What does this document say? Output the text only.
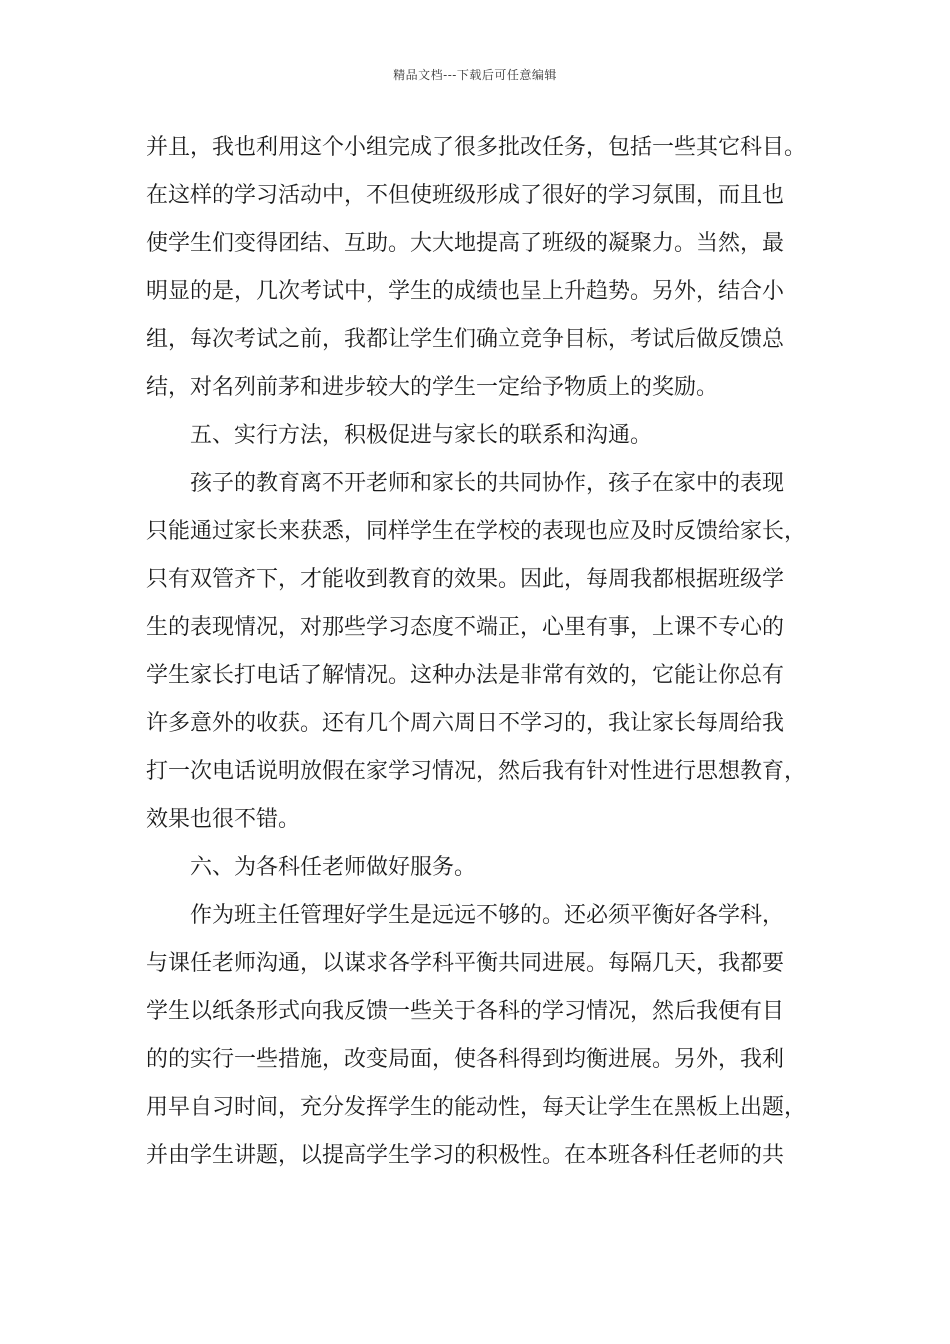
精品文档---下载后可任意编辑
并且，我也利用这个小组完成了很多批改任务，包括一些其它科目。
在这样的学习活动中，不但使班级形成了很好的学习氛围，而且也
使学生们变得团结、互助。大大地提高了班级的凝聚力。当然，最
明显的是，几次考试中，学生的成绩也呈上升趋势。另外，结合小
组，每次考试之前，我都让学生们确立竞争目标，考试后做反馈总
结，对名列前茅和进步较大的学生一定给予物质上的奖励。
五、实行方法，积极促进与家长的联系和沟通。
孩子的教育离不开老师和家长的共同协作，孩子在家中的表现
只能通过家长来获悉，同样学生在学校的表现也应及时反馈给家长，
只有双管齐下，才能收到教育的效果。因此，每周我都根据班级学
生的表现情况，对那些学习态度不端正，心里有事，上课不专心的
学生家长打电话了解情况。这种办法是非常有效的，它能让你总有
许多意外的收获。还有几个周六周日不学习的，我让家长每周给我
打一次电话说明放假在家学习情况，然后我有针对性进行思想教育，
效果也很不错。
六、为各科任老师做好服务。
作为班主任管理好学生是远远不够的。还必须平衡好各学科，
与课任老师沟通，以谋求各学科平衡共同进展。每隔几天，我都要
学生以纸条形式向我反馈一些关于各科的学习情况，然后我便有目
的的实行一些措施，改变局面，使各科得到均衡进展。另外，我利
用早自习时间，充分发挥学生的能动性，每天让学生在黑板上出题，
并由学生讲题，以提高学生学习的积极性。在本班各科任老师的共
